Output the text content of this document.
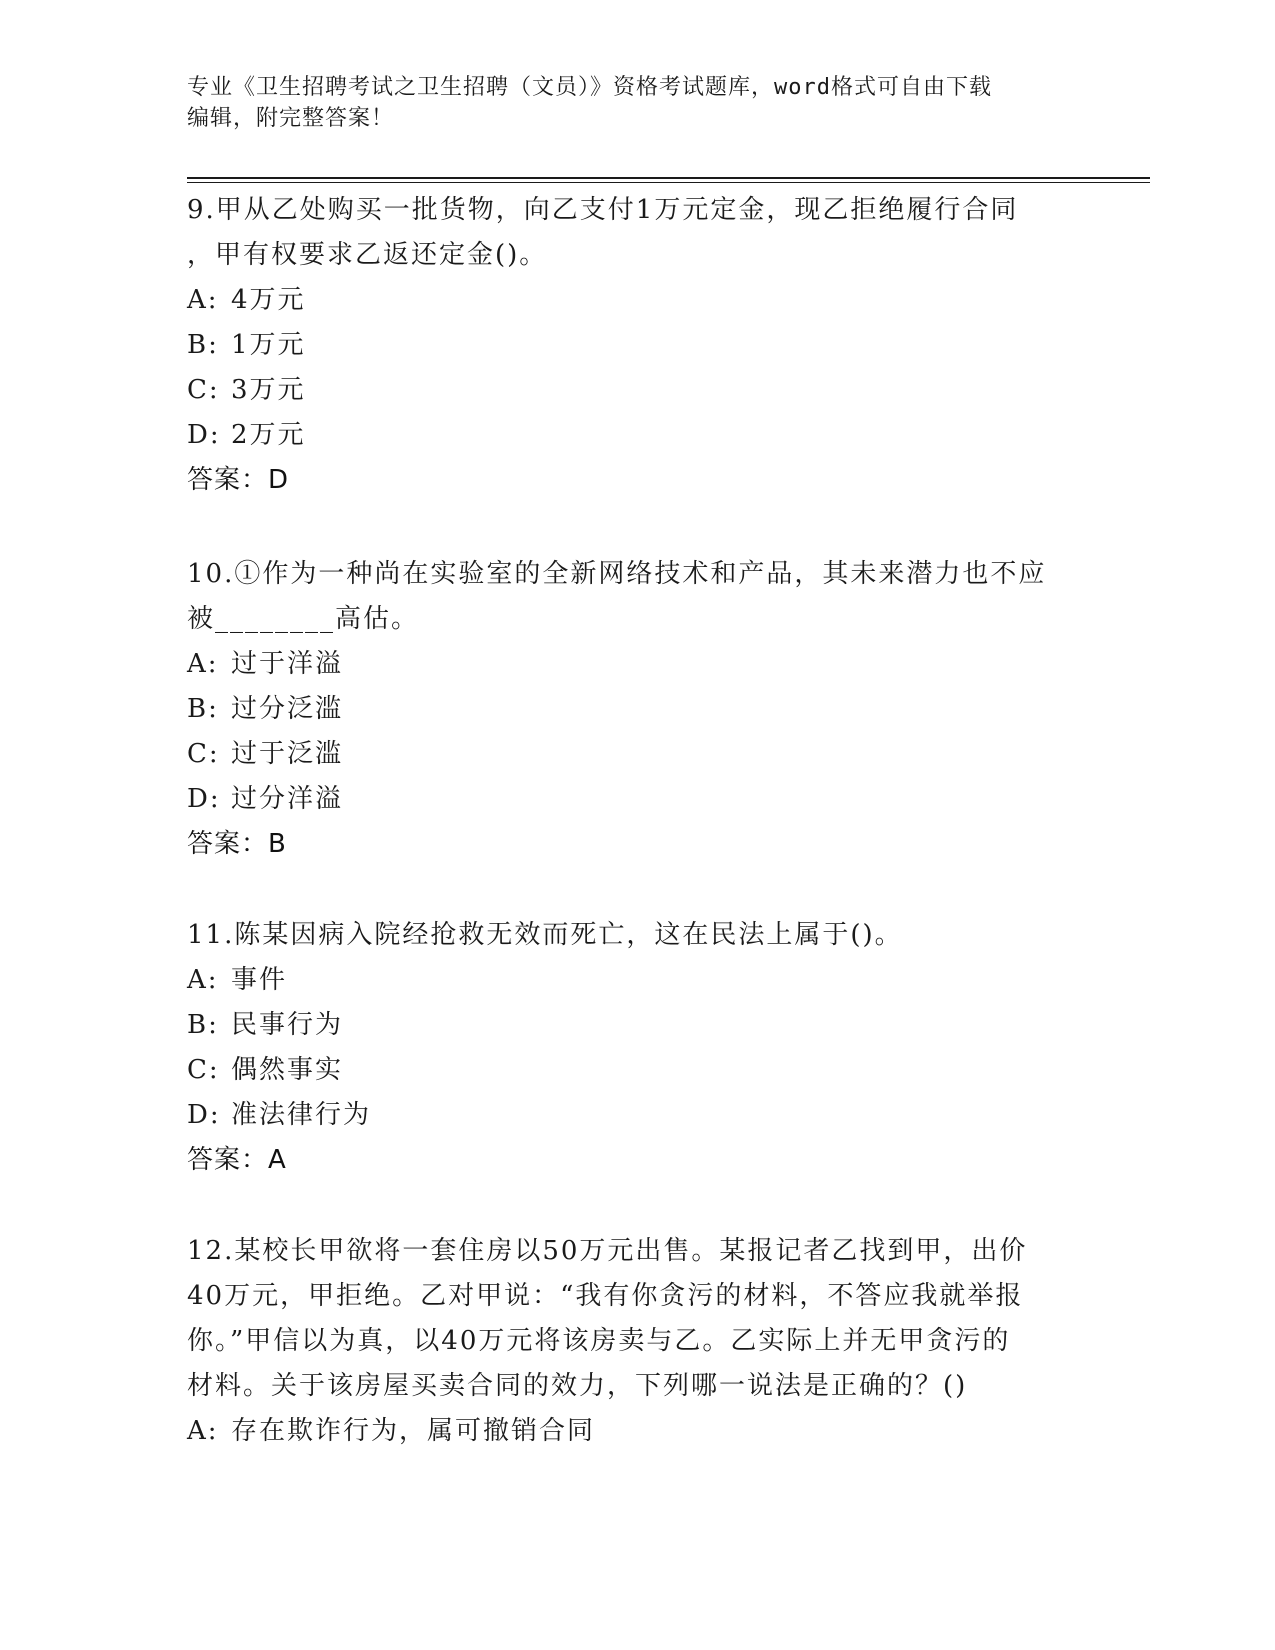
专业《卫生招聘考试之卫生招聘（文员）》资格考试题库，word格式可自由下载
编辑，附完整答案！

9.甲从乙处购买一批货物，向乙支付1万元定金，现乙拒绝履行合同

，甲有权要求乙返还定金()。

A: 4万元

B: 1万元

C: 3万元

D: 2万元

答案：D

10.①作为一种尚在实验室的全新网络技术和产品，其未来潜力也不应

被________高估。

A: 过于洋溢

B: 过分泛滥

C: 过于泛滥

D: 过分洋溢

答案：B

11.陈某因病入院经抢救无效而死亡，这在民法上属于()。

A: 事件

B: 民事行为

C: 偶然事实

D: 准法律行为

答案：A

12.某校长甲欲将一套住房以50万元出售。某报记者乙找到甲，出价

40万元，甲拒绝。乙对甲说：“我有你贪污的材料，不答应我就举报

你。”甲信以为真，以40万元将该房卖与乙。乙实际上并无甲贪污的

材料。关于该房屋买卖合同的效力，下列哪一说法是正确的？()

A: 存在欺诈行为，属可撤销合同
